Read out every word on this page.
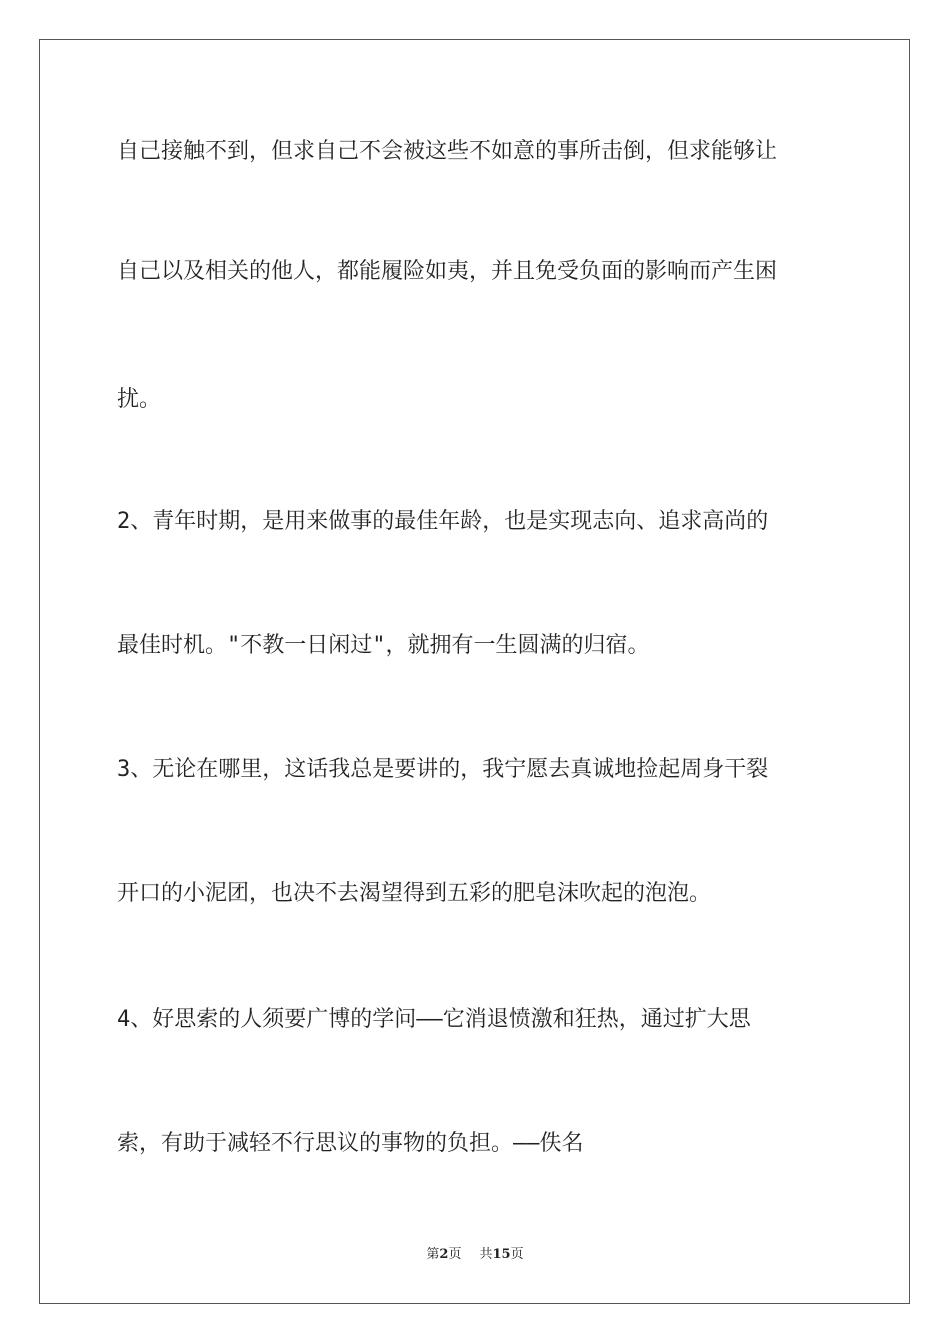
自己接触不到，但求自己不会被这些不如意的事所击倒，但求能够让

自己以及相关的他人，都能履险如夷，并且免受负面的影响而产生困

扰。

2、青年时期，是用来做事的最佳年龄，也是实现志向、追求高尚的

最佳时机。"不教一日闲过"，就拥有一生圆满的归宿。

3、无论在哪里，这话我总是要讲的，我宁愿去真诚地捡起周身干裂

开口的小泥团，也决不去渴望得到五彩的肥皂沫吹起的泡泡。

4、好思索的人须要广博的学问——它消退愤激和狂热，通过扩大思

索，有助于减轻不行思议的事物的负担。——佚名

第2页 共15页
